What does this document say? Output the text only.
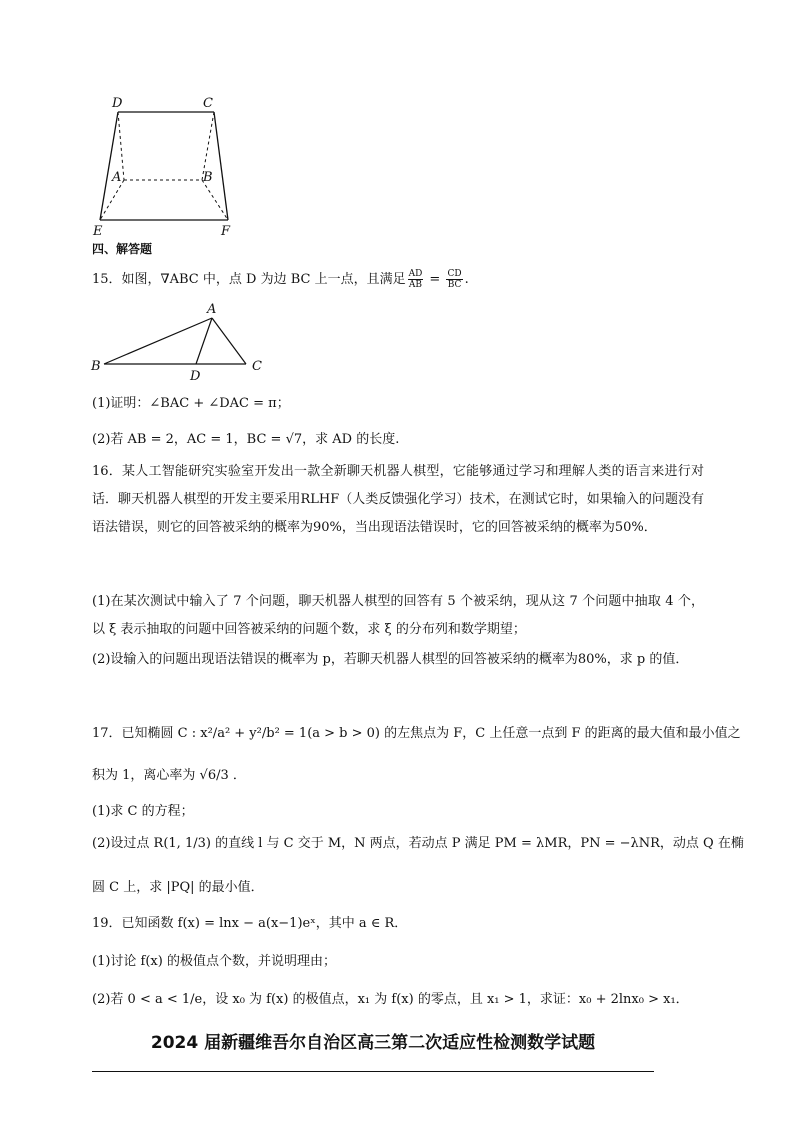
D	C
A	B
E	F
四、解答题
15．如图，∇ABC 中，点 D 为边 BC 上一点，且满足 $\frac{AD}{AB} = \frac{CD}{BC}$ .
A
B
D
C
(1)证明：∠BAC + ∠DAC = π；
(2)若 AB = 2，AC = 1，BC = √7，求 AD 的长度.
16．某人工智能研究实验室开发出一款全新聊天机器人棋型，它能够通过学习和理解人类的语言来进行对话．聊天机器人棋型的开发主要采用RLHF（人类反馈强化学习）技术，在测试它时，如果输入的问题没有语法错误，则它的回答被采纳的概率为90%，当出现语法错误时，它的回答被采纳的概率为50%．
(1)在某次测试中输入了 7 个问题，聊天机器人棋型的回答有 5 个被采纳，现从这 7 个问题中抽取 4 个，以 ξ 表示抽取的问题中回答被采纳的问题个数，求 ξ 的分布列和数学期望；
(2)设输入的问题出现语法错误的概率为 p，若聊天机器人棋型的回答被采纳的概率为80%，求 p 的值．
17．已知椭圆 C : x²/a² + y²/b² = 1(a > b > 0) 的左焦点为 F，C 上任意一点到 F 的距离的最大值和最小值之
积为 1，离心率为 √6/3 ．
(1)求 C 的方程；
(2)设过点 R(1, 1/3) 的直线 l 与 C 交于 M，N 两点，若动点 P 满足 PM = λMR，PN = −λNR，动点 Q 在椭
圆 C 上，求 |PQ| 的最小值．
19．已知函数 f(x) = lnx − a(x−1)eˣ，其中 a ∈ R．
(1)讨论 f(x) 的极值点个数，并说明理由；
(2)若 0 < a < 1/e，设 x₀ 为 f(x) 的极值点，x₁ 为 f(x) 的零点，且 x₁ > 1，求证：x₀ + 2lnx₀ > x₁．
2024 届新疆维吾尔自治区高三第二次适应性检测数学试题
